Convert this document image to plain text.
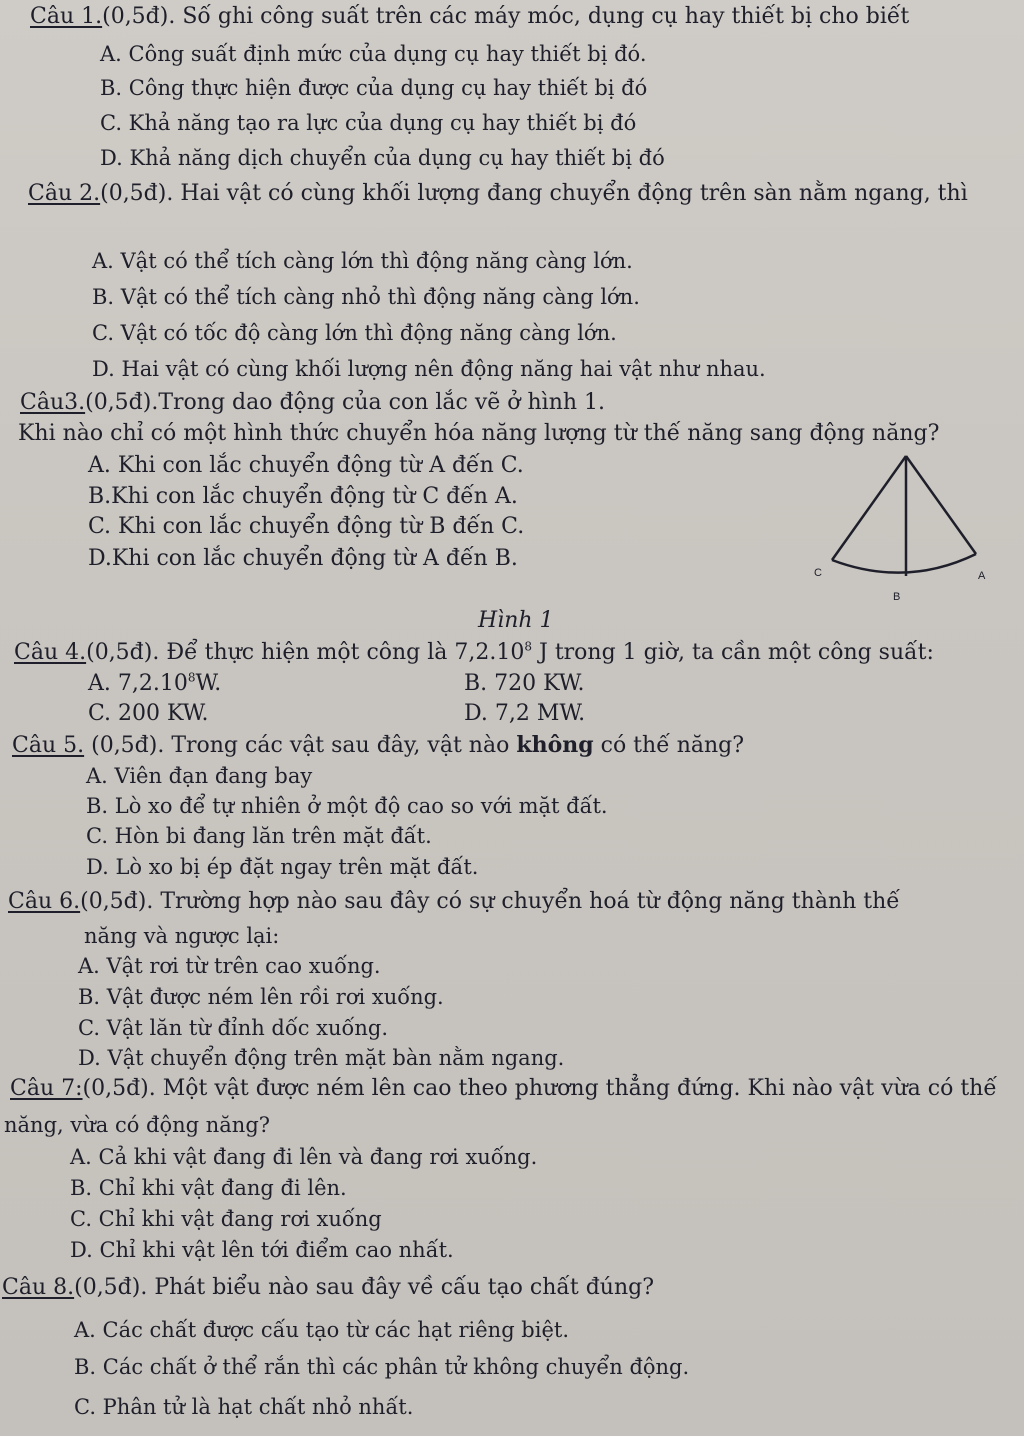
Câu 1.(0,5đ). Số ghi công suất trên các máy móc, dụng cụ hay thiết bị cho biết
A. Công suất định mức của dụng cụ hay thiết bị đó.
B. Công thực hiện được của dụng cụ hay thiết bị đó
C. Khả năng tạo ra lực của dụng cụ hay thiết bị đó
D. Khả năng dịch chuyển của dụng cụ hay thiết bị đó
Câu 2.(0,5đ). Hai vật có cùng khối lượng đang chuyển động trên sàn nằm ngang, thì
A. Vật có thể tích càng lớn thì động năng càng lớn.
B. Vật có thể tích càng nhỏ thì động năng càng lớn.
C. Vật có tốc độ càng lớn thì động năng càng lớn.
D. Hai vật có cùng khối lượng nên động năng hai vật như nhau.
Câu3.(0,5đ).Trong dao động của con lắc vẽ ở hình 1.
Khi nào chỉ có một hình thức chuyển hóa năng lượng từ thế năng sang động năng?
A. Khi con lắc chuyển động từ A đến C.
B.Khi con lắc chuyển động từ C đến A.
C. Khi con lắc chuyển động từ B đến C.
D.Khi con lắc chuyển động từ A đến B.
C	A
B
Hình 1
Câu 4.(0,5đ). Để thực hiện một công là 7,2.10$^8$ J trong 1 giờ, ta cần một công suất:
A. 7,2.10$^8$W.	B. 720 KW.
C. 200 KW.	D. 7,2 MW.
Câu 5. (0,5đ). Trong các vật sau đây, vật nào không có thế năng?
A. Viên đạn đang bay
B. Lò xo để tự nhiên ở một độ cao so với mặt đất.
C. Hòn bi đang lăn trên mặt đất.
D. Lò xo bị ép đặt ngay trên mặt đất.
Câu 6.(0,5đ). Trường hợp nào sau đây có sự chuyển hoá từ động năng thành thế
năng và ngược lại:
A. Vật rơi từ trên cao xuống.
B. Vật được ném lên rồi rơi xuống.
C. Vật lăn từ đỉnh dốc xuống.
D. Vật chuyển động trên mặt bàn nằm ngang.
Câu 7:(0,5đ). Một vật được ném lên cao theo phương thẳng đứng. Khi nào vật vừa có thế
năng, vừa có động năng?
A. Cả khi vật đang đi lên và đang rơi xuống.
B. Chỉ khi vật đang đi lên.
C. Chỉ khi vật đang rơi xuống
D. Chỉ khi vật lên tới điểm cao nhất.
Câu 8.(0,5đ). Phát biểu nào sau đây về cấu tạo chất đúng?
A. Các chất được cấu tạo từ các hạt riêng biệt.
B. Các chất ở thể rắn thì các phân tử không chuyển động.
C. Phân tử là hạt chất nhỏ nhất.
